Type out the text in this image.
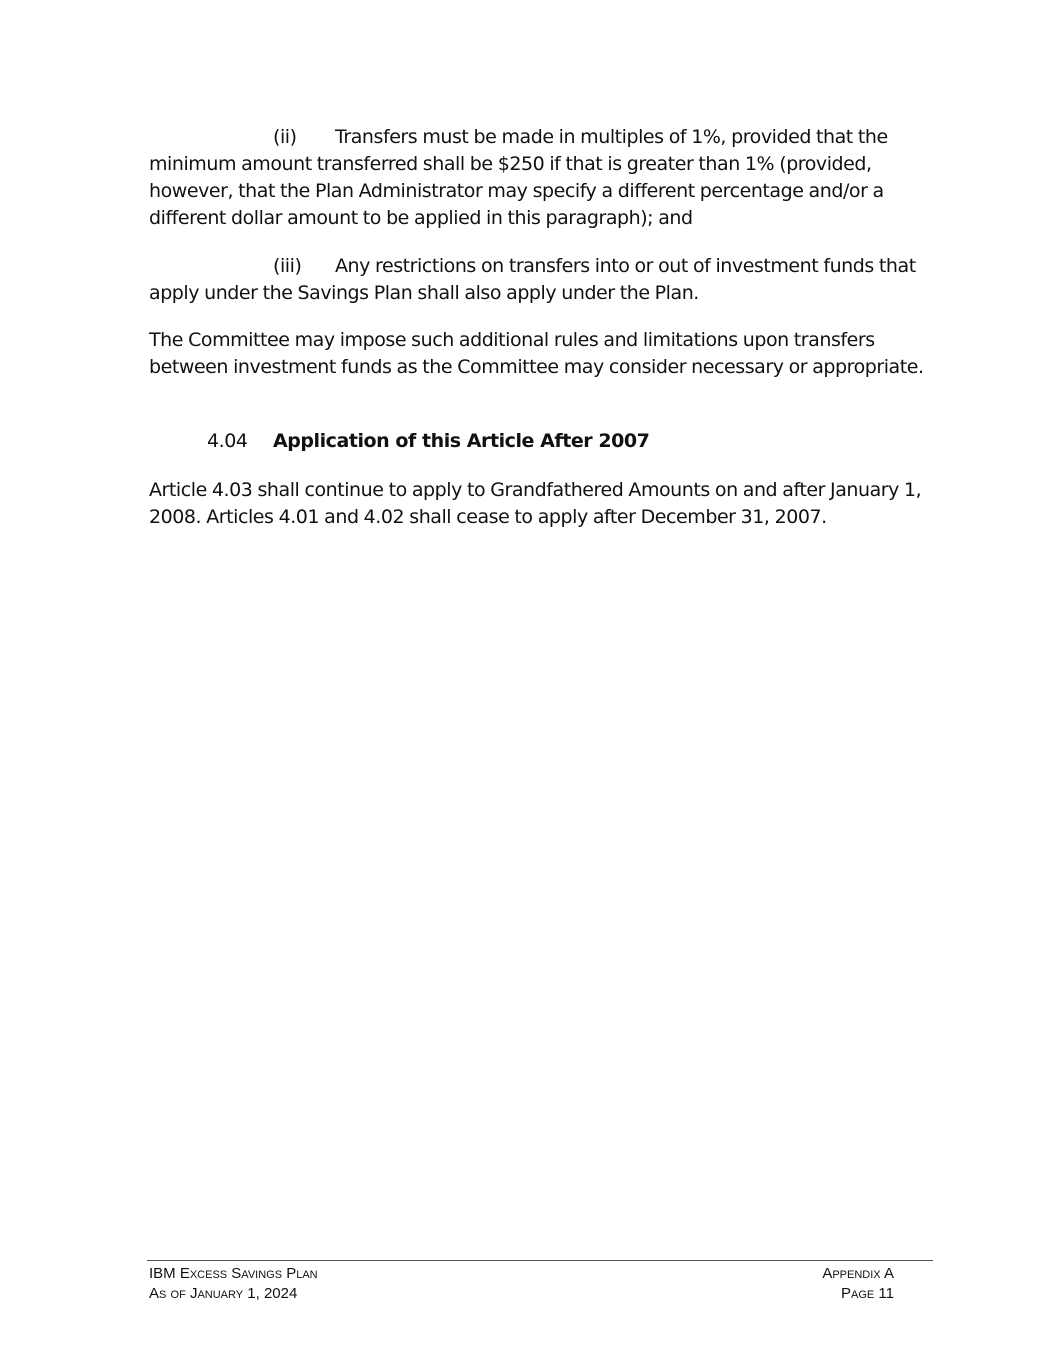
(ii) Transfers must be made in multiples of 1%, provided that the minimum amount transferred shall be $250 if that is greater than 1% (provided, however, that the Plan Administrator may specify a different percentage and/or a different dollar amount to be applied in this paragraph); and
(iii) Any restrictions on transfers into or out of investment funds that apply under the Savings Plan shall also apply under the Plan.
The Committee may impose such additional rules and limitations upon transfers between investment funds as the Committee may consider necessary or appropriate.
4.04 Application of this Article After 2007
Article 4.03 shall continue to apply to Grandfathered Amounts on and after January 1, 2008. Articles 4.01 and 4.02 shall cease to apply after December 31, 2007.
IBM Excess Savings Plan
As of January 1, 2024
Appendix A
Page 11
